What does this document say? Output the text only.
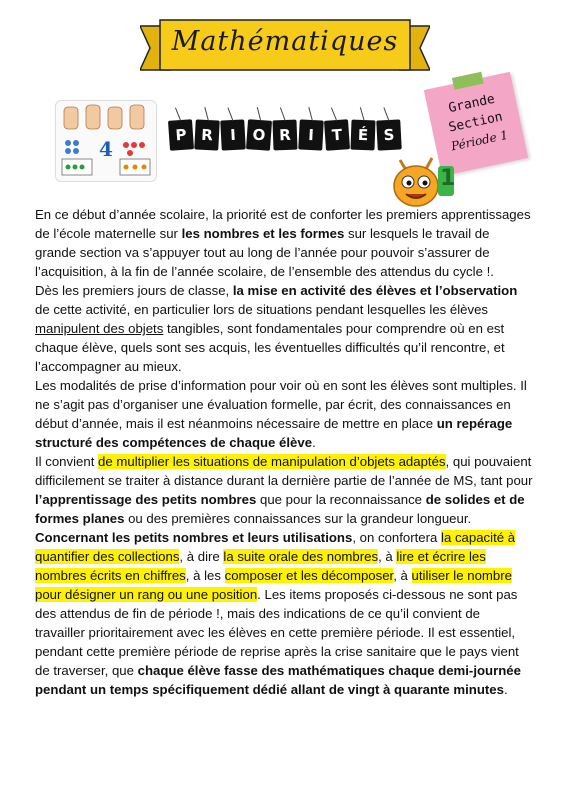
Mathématiques
4
P R	I	O R	I	T É S
Grande
Section
Période 1
1

En ce début d’année scolaire, la priorité est de conforter les premiers apprentissages de l’école maternelle sur les nombres et les formes sur lesquels le travail de grande section va s’appuyer tout au long de l’année pour pouvoir s’assurer de l’acquisition, à la fin de l’année scolaire, de l’ensemble des attendus du cycle !.

Dès les premiers jours de classe, la mise en activité des élèves et l’observation de cette activité, en particulier lors de situations pendant lesquelles les élèves manipulent des objets tangibles, sont fondamentales pour comprendre où en est chaque élève, quels sont ses acquis, les éventuelles difficultés qu’il rencontre, et l’accompagner au mieux.

Les modalités de prise d’information pour voir où en sont les élèves sont multiples. Il ne s’agit pas d’organiser une évaluation formelle, par écrit, des connaissances en début d’année, mais il est néanmoins nécessaire de mettre en place un repérage structuré des compétences de chaque élève.

Il convient de multiplier les situations de manipulation d’objets adaptés, qui pouvaient difficilement se traiter à distance durant la dernière partie de l’année de MS, tant pour l’apprentissage des petits nombres que pour la reconnaissance de solides et de formes planes ou des premières connaissances sur la grandeur longueur.

Concernant les petits nombres et leurs utilisations, on confortera la capacité à quantifier des collections, à dire la suite orale des nombres, à lire et écrire les nombres écrits en chiffres, à les composer et les décomposer, à utiliser le nombre pour désigner un rang ou une position. Les items proposés ci-dessous ne sont pas des attendus de fin de période !, mais des indications de ce qu’il convient de travailler prioritairement avec les élèves en cette première période. Il est essentiel, pendant cette première période de reprise après la crise sanitaire que le pays vient de traverser, que chaque élève fasse des mathématiques chaque demi-journée pendant un temps spécifiquement dédié allant de vingt à quarante minutes.
